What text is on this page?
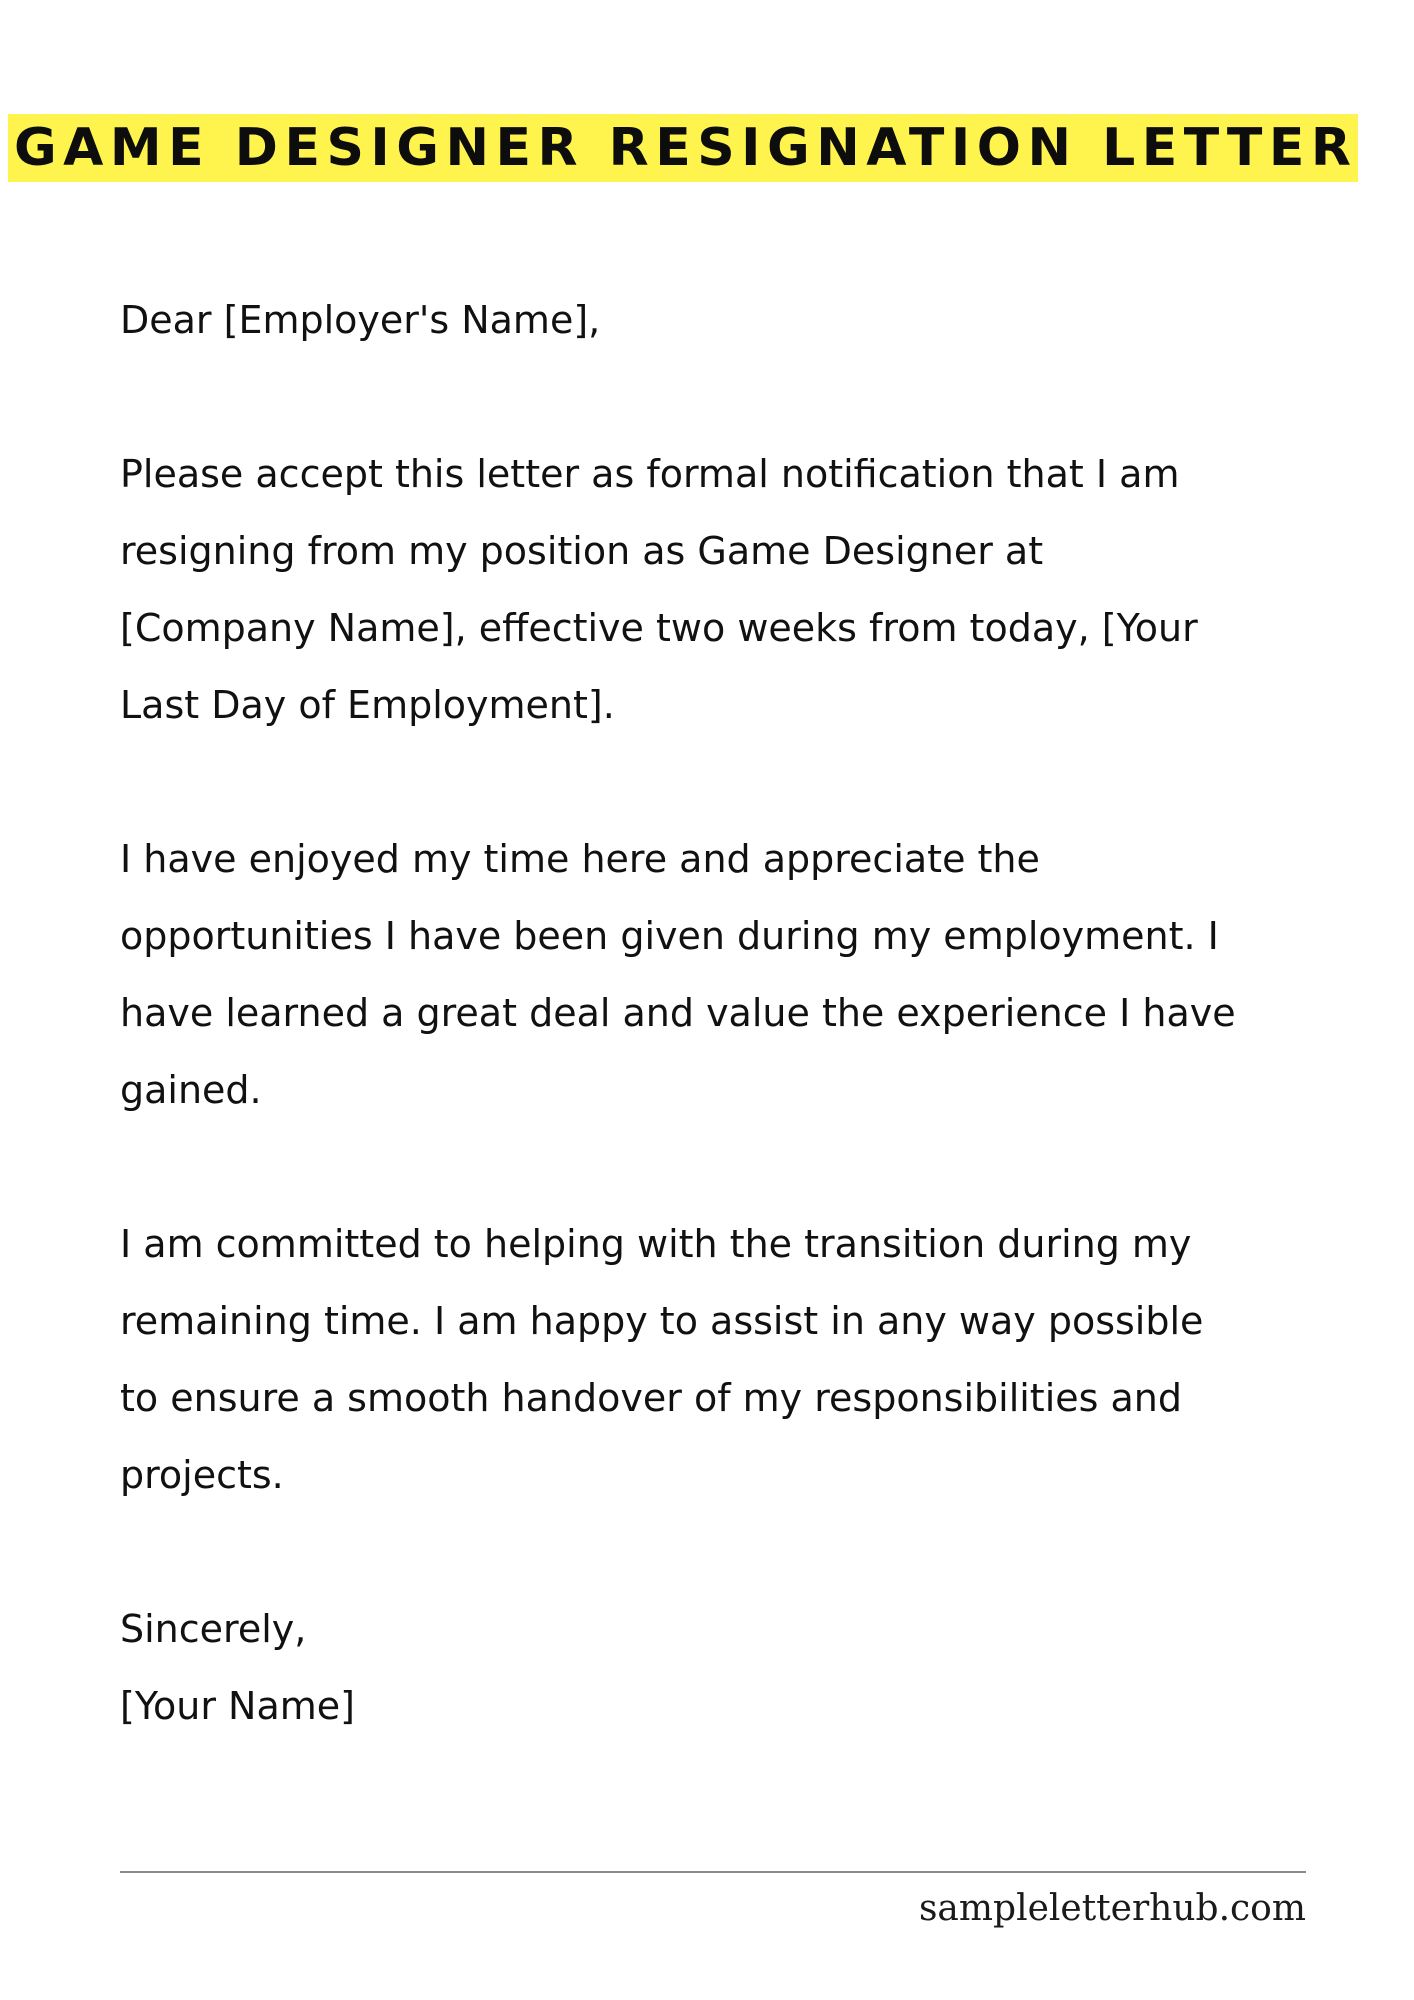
GAME DESIGNER RESIGNATION LETTER

Dear [Employer's Name],

Please accept this letter as formal notification that I am
resigning from my position as Game Designer at
[Company Name], effective two weeks from today, [Your
Last Day of Employment].

I have enjoyed my time here and appreciate the
opportunities I have been given during my employment. I
have learned a great deal and value the experience I have
gained.

I am committed to helping with the transition during my
remaining time. I am happy to assist in any way possible
to ensure a smooth handover of my responsibilities and
projects.

Sincerely,
[Your Name]
sampleletterhub.com
